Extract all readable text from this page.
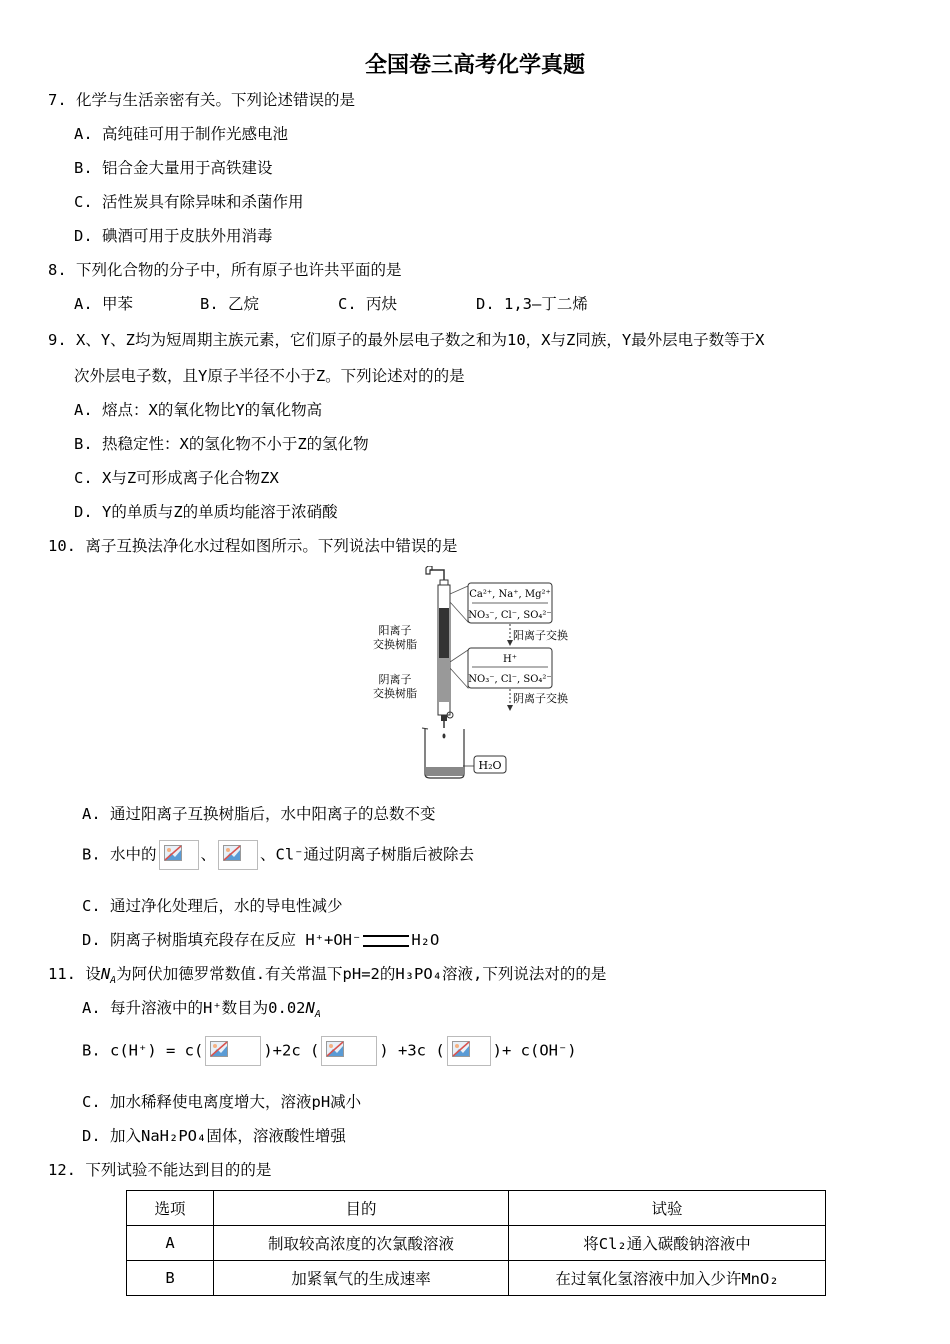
全国卷三高考化学真题
7. 化学与生活亲密有关。下列论述错误的是
A. 高纯硅可用于制作光感电池
B. 铝合金大量用于高铁建设
C. 活性炭具有除异味和杀菌作用
D. 碘酒可用于皮肤外用消毒
8. 下列化合物的分子中，所有原子也许共平面的是
A. 甲苯	B. 乙烷	C. 丙炔	D. 1,3—丁二烯
9. X、Y、Z均为短周期主族元素，它们原子的最外层电子数之和为10，X与Z同族，Y最外层电子数等于X
次外层电子数，且Y原子半径不小于Z。下列论述对的的是
A. 熔点：X的氧化物比Y的氧化物高
B. 热稳定性：X的氢化物不小于Z的氢化物
C. X与Z可形成离子化合物ZX
D. Y的单质与Z的单质均能溶于浓硝酸
10. 离子互换法净化水过程如图所示。下列说法中错误的是
阳离子
交换树脂
阴离子
交换树脂
Ca²⁺, Na⁺, Mg²⁺
NO₃⁻, Cl⁻, SO₄²⁻
阳离子交换
H⁺
NO₃⁻, Cl⁻, SO₄²⁻
阴离子交换
H₂O
A. 通过阳离子互换树脂后，水中阳离子的总数不变
B. 水中的	、	、Cl⁻通过阴离子树脂后被除去
C. 通过净化处理后，水的导电性减少
D. 阴离子树脂填充段存在反应 H⁺+OH⁻	H₂O
11. 设$N_A$为阿伏加德罗常数值.有关常温下pH=2的H₃PO₄溶液,下列说法对的的是
A. 每升溶液中的H⁺数目为$0.02N_A$
B. c(H⁺) = c(	)+2c (	) +3c (	)+ c(OH⁻)
C. 加水稀释使电离度增大，溶液pH减小
D. 加入NaH₂PO₄固体，溶液酸性增强
12. 下列试验不能达到目的的是
选项	目的	试验
A	制取较高浓度的次氯酸溶液	将Cl₂通入碳酸钠溶液中
B	加紧氧气的生成速率	在过氧化氢溶液中加入少许MnO₂
